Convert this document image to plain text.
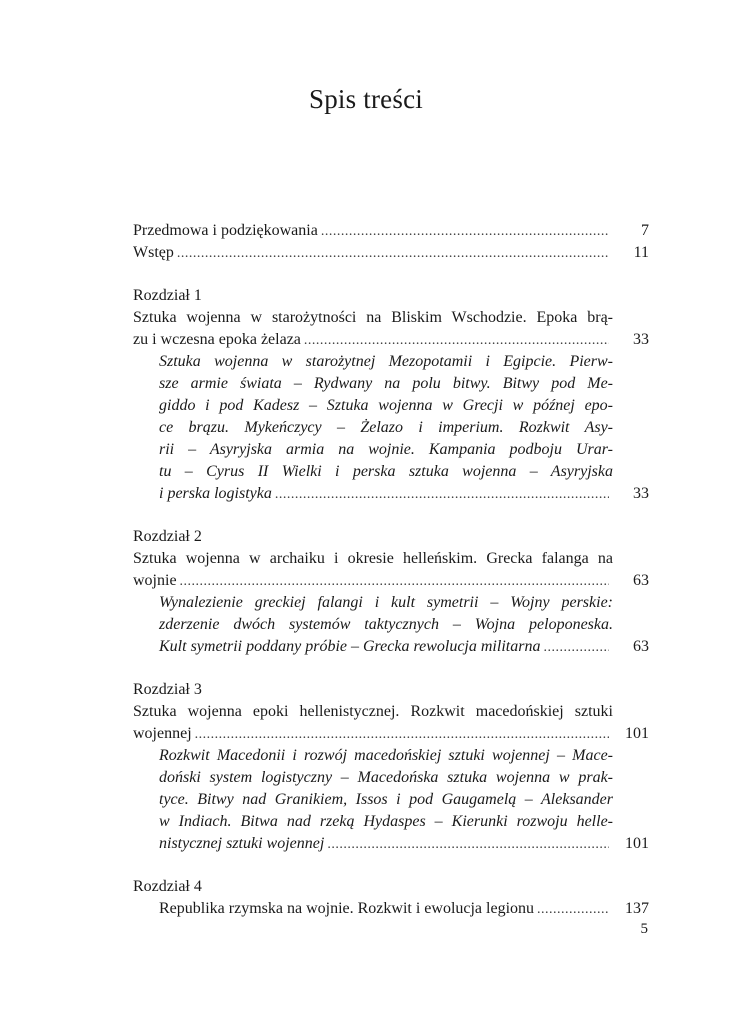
Spis treści
Przedmowa i podziękowania .....	7
Wstęp .....	11
Rozdział 1
Sztuka wojenna w starożytności na Bliskim Wschodzie. Epoka brą-
zu i wczesna epoka żelaza .....	33
Sztuka wojenna w starożytnej Mezopotamii i Egipcie. Pierw-
sze armie świata – Rydwany na polu bitwy. Bitwy pod Me-
giddo i pod Kadesz – Sztuka wojenna w Grecji w późnej epo-
ce brązu. Mykeńczycy – Żelazo i imperium. Rozkwit Asy-
rii – Asyryjska armia na wojnie. Kampania podboju Urar-
tu – Cyrus II Wielki i perska sztuka wojenna – Asyryjska
i perska logistyka .....	33
Rozdział 2
Sztuka wojenna w archaiku i okresie helleńskim. Grecka falanga na
wojnie .....	63
Wynalezienie greckiej falangi i kult symetrii – Wojny perskie:
zderzenie dwóch systemów taktycznych – Wojna peloponeska.
Kult symetrii poddany próbie – Grecka rewolucja militarna .....	63
Rozdział 3
Sztuka wojenna epoki hellenistycznej. Rozkwit macedońskiej sztuki
wojennej .....	101
Rozkwit Macedonii i rozwój macedońskiej sztuki wojennej – Mace-
doński system logistyczny – Macedońska sztuka wojenna w prak-
tyce. Bitwy nad Granikiem, Issos i pod Gaugamelą – Aleksander
w Indiach. Bitwa nad rzeką Hydaspes – Kierunki rozwoju helle-
nistycznej sztuki wojennej .....	101
Rozdział 4
Republika rzymska na wojnie. Rozkwit i ewolucja legionu .....	137
5
